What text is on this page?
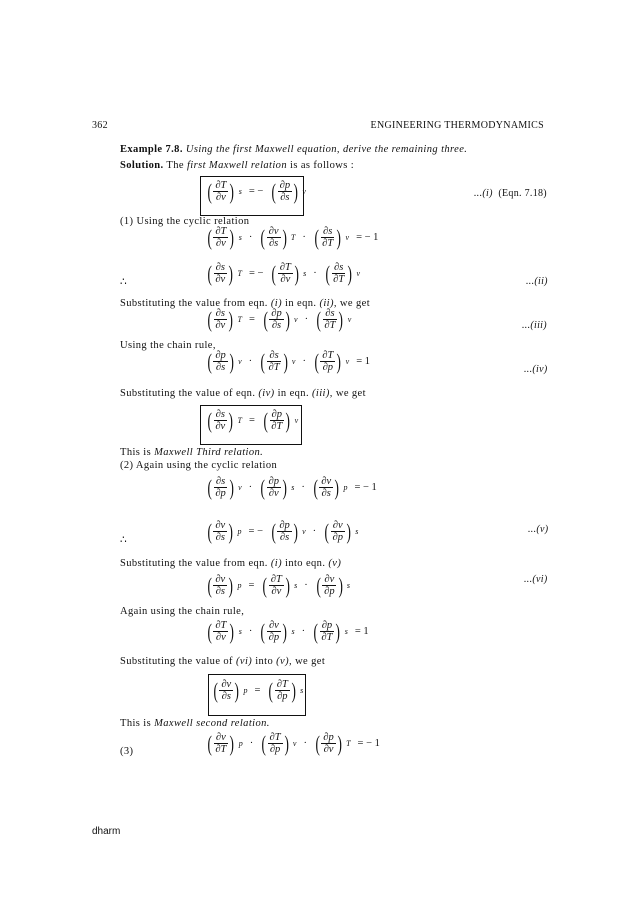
362	ENGINEERING THERMODYNAMICS
Example 7.8. Using the first Maxwell equation, derive the remaining three.
Solution. The first Maxwell relation is as follows :
( $\frac{\partial T}{\partial v}$ ) s = − ( $\frac{\partial p}{\partial s}$ ) v	...(i) (Eqn. 7.18)
(1) Using the cyclic relation
( $\frac{\partial T}{\partial v}$ ) s · ( $\frac{\partial v}{\partial s}$ ) T · ( $\frac{\partial s}{\partial T}$ ) v = − 1
∴	( $\frac{\partial s}{\partial v}$ ) T = − ( $\frac{\partial T}{\partial v}$ ) s · ( $\frac{\partial s}{\partial T}$ ) v
...(ii)
Substituting the value from eqn. (i) in eqn. (ii), we get
( $\frac{\partial s}{\partial v}$ ) T = ( $\frac{\partial p}{\partial s}$ ) v · ( $\frac{\partial s}{\partial T}$ ) v
...(iii)
Using the chain rule,
( $\frac{\partial p}{\partial s}$ ) v · ( $\frac{\partial s}{\partial T}$ ) v · ( $\frac{\partial T}{\partial p}$ ) v = 1
...(iv)
Substituting the value of eqn. (iv) in eqn. (iii), we get
( $\frac{\partial s}{\partial v}$ ) T = ( $\frac{\partial p}{\partial T}$ ) v
This is Maxwell Third relation.
(2) Again using the cyclic relation
( $\frac{\partial s}{\partial p}$ ) v · ( $\frac{\partial p}{\partial v}$ ) s · ( $\frac{\partial v}{\partial s}$ ) p = − 1
∴	( $\frac{\partial v}{\partial s}$ ) p = − ( $\frac{\partial p}{\partial s}$ ) v · ( $\frac{\partial v}{\partial p}$ ) s	...(v)
Substituting the value from eqn. (i) into eqn. (v)
( $\frac{\partial v}{\partial s}$ ) p = ( $\frac{\partial T}{\partial v}$ ) s · ( $\frac{\partial v}{\partial p}$ ) s
...(vi)
Again using the chain rule,
( $\frac{\partial T}{\partial v}$ ) s · ( $\frac{\partial v}{\partial p}$ ) s · ( $\frac{\partial p}{\partial T}$ ) s = 1
Substituting the value of (vi) into (v), we get
( $\frac{\partial v}{\partial s}$ ) p = ( $\frac{\partial T}{\partial p}$ ) s
This is Maxwell second relation.
(3)	( $\frac{\partial v}{\partial T}$ ) p · ( $\frac{\partial T}{\partial p}$ ) v · ( $\frac{\partial p}{\partial v}$ ) T = − 1
dharm
